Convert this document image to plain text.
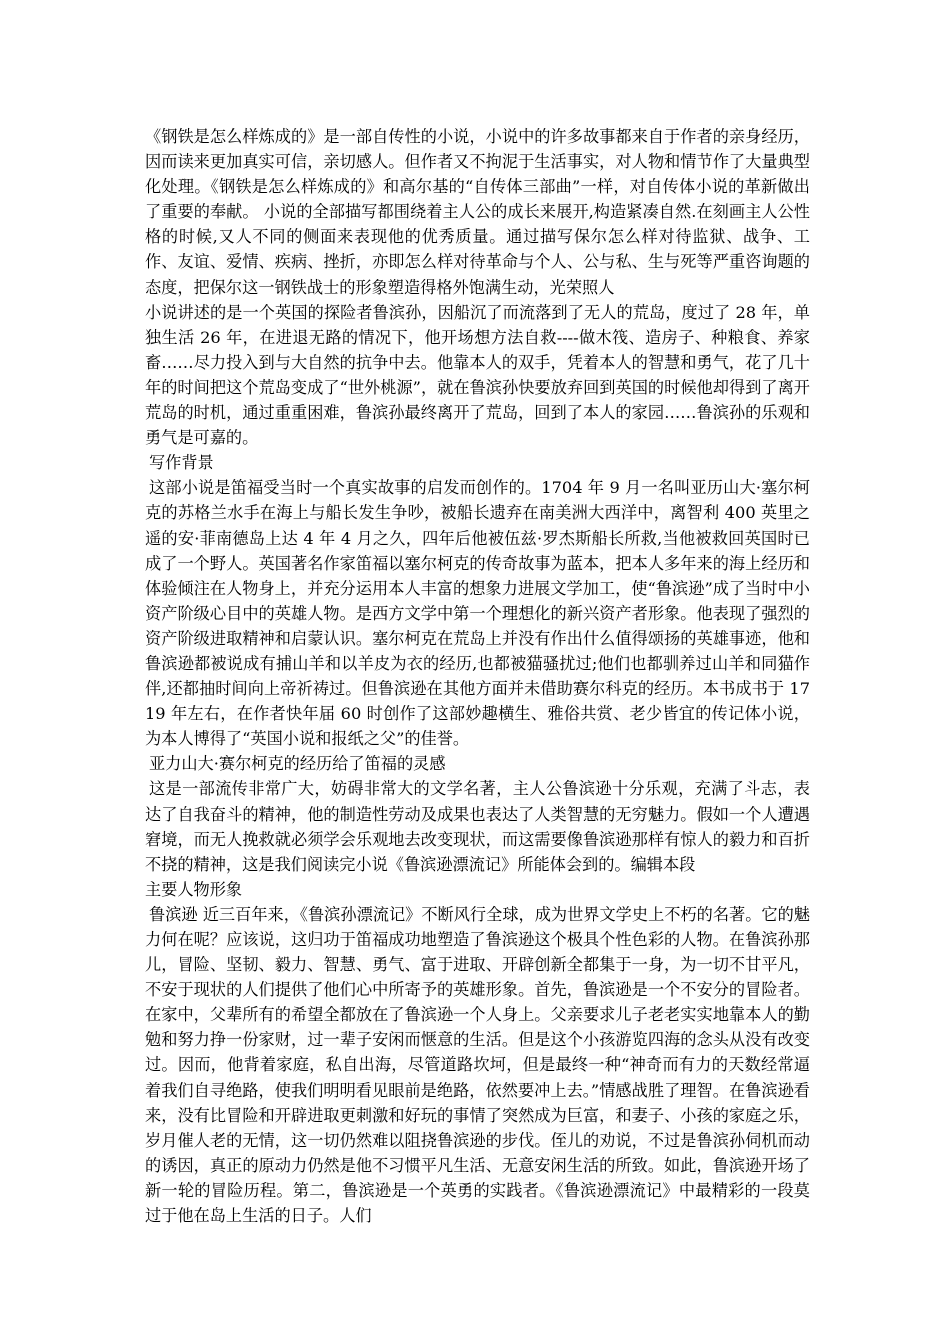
《钢铁是怎么样炼成的》是一部自传性的小说，小说中的许多故事都来自于作者的亲身经历，因而读来更加真实可信，亲切感人。但作者又不拘泥于生活事实，对人物和情节作了大量典型化处理。《钢铁是怎么样炼成的》和高尔基的“自传体三部曲”一样，对自传体小说的革新做出了重要的奉献。 小说的全部描写都围绕着主人公的成长来展开,构造紧凑自然.在刻画主人公性格的时候,又人不同的侧面来表现他的优秀质量。通过描写保尔怎么样对待监狱、战争、工作、友谊、爱情、疾病、挫折，亦即怎么样对待革命与个人、公与私、生与死等严重咨询题的态度，把保尔这一钢铁战士的形象塑造得格外饱满生动，光荣照人

小说讲述的是一个英国的探险者鲁滨孙，因船沉了而流落到了无人的荒岛，度过了 28 年，单独生活 26 年，在进退无路的情况下，他开场想方法自救----做木筏、造房子、种粮食、养家畜……尽力投入到与大自然的抗争中去。他靠本人的双手，凭着本人的智慧和勇气，花了几十年的时间把这个荒岛变成了“世外桃源”，就在鲁滨孙快要放弃回到英国的时候他却得到了离开荒岛的时机，通过重重困难，鲁滨孙最终离开了荒岛，回到了本人的家园……鲁滨孙的乐观和勇气是可嘉的。

写作背景

这部小说是笛福受当时一个真实故事的启发而创作的。1704 年 9 月一名叫亚历山大·塞尔柯克的苏格兰水手在海上与船长发生争吵，被船长遗弃在南美洲大西洋中，离智利 400 英里之遥的安·菲南德岛上达 4 年 4 月之久，四年后他被伍兹·罗杰斯船长所救,当他被救回英国时已成了一个野人。英国著名作家笛福以塞尔柯克的传奇故事为蓝本，把本人多年来的海上经历和体验倾注在人物身上，并充分运用本人丰富的想象力进展文学加工，使“鲁滨逊”成了当时中小资产阶级心目中的英雄人物。是西方文学中第一个理想化的新兴资产者形象。他表现了强烈的资产阶级进取精神和启蒙认识。塞尔柯克在荒岛上并没有作出什么值得颂扬的英雄事迹，他和鲁滨逊都被说成有捕山羊和以羊皮为衣的经历,也都被猫骚扰过;他们也都驯养过山羊和同猫作伴,还都抽时间向上帝祈祷过。但鲁滨逊在其他方面并未借助赛尔科克的经历。本书成书于 1719 年左右，在作者快年届 60 时创作了这部妙趣横生、雅俗共赏、老少皆宜的传记体小说，为本人博得了“英国小说和报纸之父”的佳誉。

亚力山大·赛尔柯克的经历给了笛福的灵感

这是一部流传非常广大，妨碍非常大的文学名著，主人公鲁滨逊十分乐观，充满了斗志，表达了自我奋斗的精神，他的制造性劳动及成果也表达了人类智慧的无穷魅力。假如一个人遭遇窘境，而无人挽救就必须学会乐观地去改变现状，而这需要像鲁滨逊那样有惊人的毅力和百折不挠的精神，这是我们阅读完小说《鲁滨逊漂流记》所能体会到的。编辑本段

主要人物形象

鲁滨逊 近三百年来，《鲁滨孙漂流记》不断风行全球，成为世界文学史上不朽的名著。它的魅力何在呢？应该说，这归功于笛福成功地塑造了鲁滨逊这个极具个性色彩的人物。在鲁滨孙那儿，冒险、坚韧、毅力、智慧、勇气、富于进取、开辟创新全都集于一身，为一切不甘平凡，不安于现状的人们提供了他们心中所寄予的英雄形象。首先，鲁滨逊是一个不安分的冒险者。在家中，父辈所有的希望全都放在了鲁滨逊一个人身上。父亲要求儿子老老实实地靠本人的勤勉和努力挣一份家财，过一辈子安闲而惬意的生活。但是这个小孩游览四海的念头从没有改变过。因而，他背着家庭，私自出海，尽管道路坎坷，但是最终一种“神奇而有力的天数经常逼着我们自寻绝路，使我们明明看见眼前是绝路，依然要冲上去。”情感战胜了理智。在鲁滨逊看来，没有比冒险和开辟进取更刺激和好玩的事情了突然成为巨富，和妻子、小孩的家庭之乐，岁月催人老的无情，这一切仍然难以阻挠鲁滨逊的步伐。侄儿的劝说，不过是鲁滨孙伺机而动的诱因，真正的原动力仍然是他不习惯平凡生活、无意安闲生活的所致。如此，鲁滨逊开场了新一轮的冒险历程。第二，鲁滨逊是一个英勇的实践者。《鲁滨逊漂流记》中最精彩的一段莫过于他在岛上生活的日子。人们
